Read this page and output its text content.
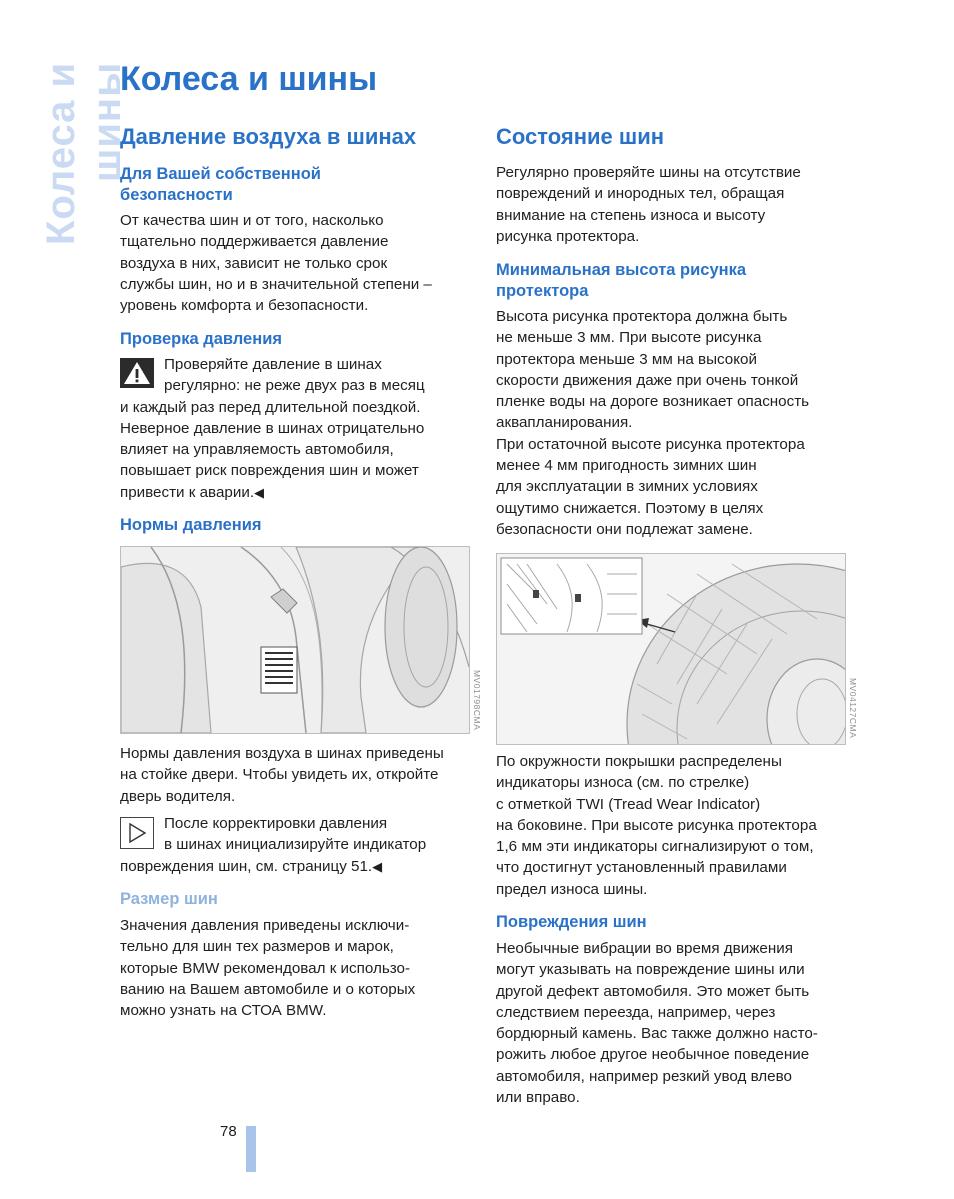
Колеса и шины
Колеса и шины
Давление воздуха в шинах
Для Вашей собственной
безопасности
От качества шин и от того, насколько
тщательно поддерживается давление
воздуха в них, зависит не только срок
службы шин, но и в значительной степени –
уровень комфорта и безопасности.
Проверка давления
Проверяйте давление в шинах
регулярно: не реже двух раз в месяц
и каждый раз перед длительной поездкой.
Неверное давление в шинах отрицательно
влияет на управляемость автомобиля,
повышает риск повреждения шин и может
привести к аварии.◀
Нормы давления
MV01798CMA
Нормы давления воздуха в шинах приведены
на стойке двери. Чтобы увидеть их, откройте
дверь водителя.
После корректировки давления
в шинах инициализируйте индикатор
повреждения шин, см. страницу 51.◀
Размер шин
Значения давления приведены исключи-
тельно для шин тех размеров и марок,
которые BMW рекомендовал к использо-
ванию на Вашем автомобиле и о которых
можно узнать на СТОА BMW.
Состояние шин
Регулярно проверяйте шины на отсутствие
повреждений и инородных тел, обращая
внимание на степень износа и высоту
рисунка протектора.
Минимальная высота рисунка
протектора
Высота рисунка протектора должна быть
не меньше 3 мм. При высоте рисунка
протектора меньше 3 мм на высокой
скорости движения даже при очень тонкой
пленке воды на дороге возникает опасность
аквапланирования.
При остаточной высоте рисунка протектора
менее 4 мм пригодность зимних шин
для эксплуатации в зимних условиях
ощутимо снижается. Поэтому в целях
безопасности они подлежат замене.
MV04127CMA
По окружности покрышки распределены
индикаторы износа (см. по стрелке)
с отметкой TWI (Tread Wear Indicator)
на боковине. При высоте рисунка протектора
1,6 мм эти индикаторы сигнализируют о том,
что достигнут установленный правилами
предел износа шины.
Повреждения шин
Необычные вибрации во время движения
могут указывать на повреждение шины или
другой дефект автомобиля. Это может быть
следствием переезда, например, через
бордюрный камень. Вас также должно насто-
рожить любое другое необычное поведение
автомобиля, например резкий увод влево
или вправо.
78
